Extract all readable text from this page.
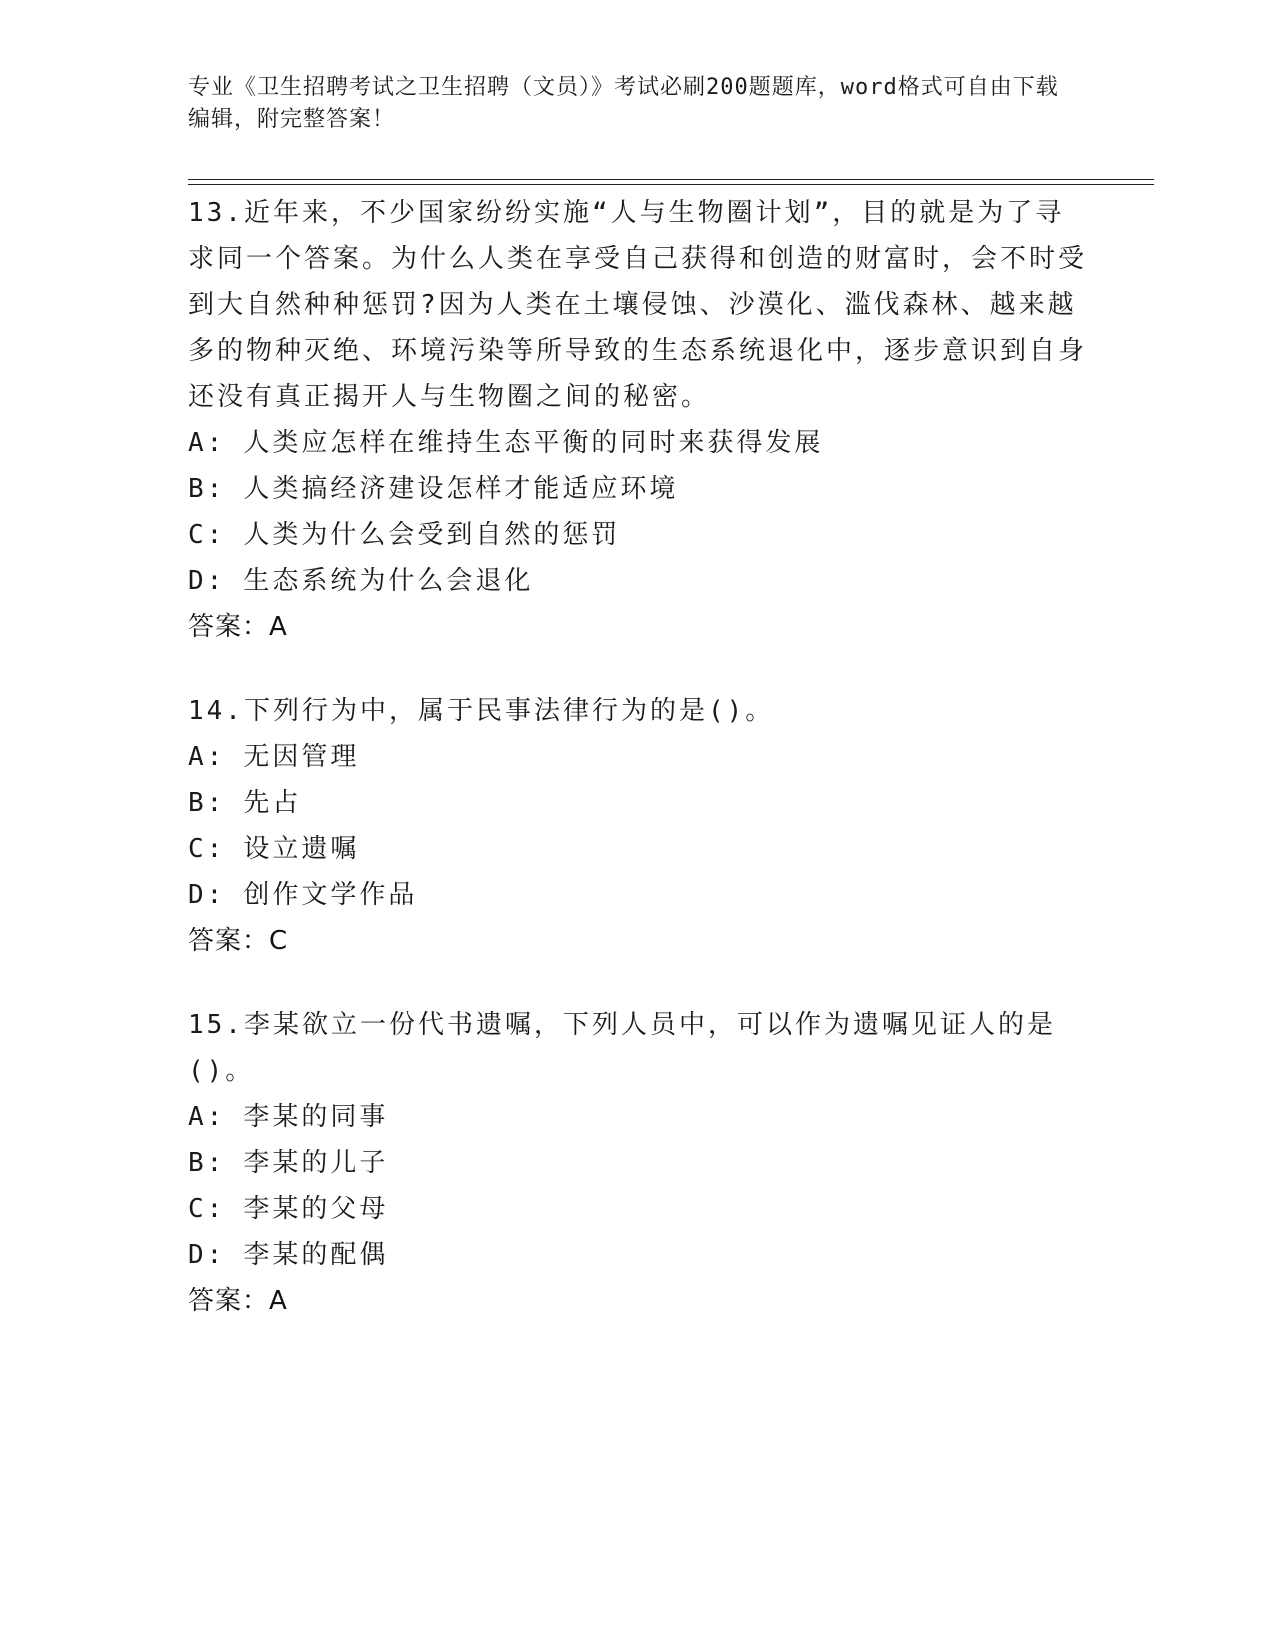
专业《卫生招聘考试之卫生招聘（文员）》考试必刷200题题库，word格式可自由下载编辑，附完整答案！

13.近年来，不少国家纷纷实施“人与生物圈计划”，目的就是为了寻求同一个答案。为什么人类在享受自己获得和创造的财富时，会不时受到大自然种种惩罚?因为人类在土壤侵蚀、沙漠化、滥伐森林、越来越多的物种灭绝、环境污染等所导致的生态系统退化中，逐步意识到自身还没有真正揭开人与生物圈之间的秘密。

A: 人类应怎样在维持生态平衡的同时来获得发展

B: 人类搞经济建设怎样才能适应环境

C: 人类为什么会受到自然的惩罚

D: 生态系统为什么会退化

答案：A

14.下列行为中，属于民事法律行为的是()。

A: 无因管理

B: 先占

C: 设立遗嘱

D: 创作文学作品

答案：C

15.李某欲立一份代书遗嘱，下列人员中，可以作为遗嘱见证人的是()。

A: 李某的同事

B: 李某的儿子

C: 李某的父母

D: 李某的配偶

答案：A
